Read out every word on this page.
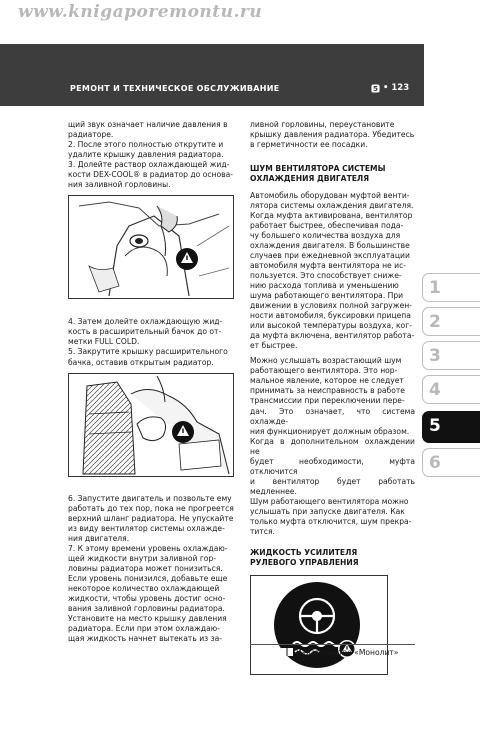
www.knigaporemontu.ru
РЕМОНТ И ТЕХНИЧЕСКОЕ ОБСЛУЖИВАНИЕ	5 • 123

щий звук означает наличие давления в

радиаторе.

2. После этого полностью открутите и

удалите крышку давления радиатора.

3. Долейте раствор охлаждающей жид-

кости DEX-COOL® в радиатор до основа-

ния заливной горловины.

4. Затем долейте охлаждающую жид-

кость в расширительный бачок до от-

метки FULL COLD.

5. Закрутите крышку расширительного

бачка, оставив открытым радиатор.

6. Запустите двигатель и позвольте ему

работать до тех пор, пока не прогреется

верхний шланг радиатора. Не упускайте

из виду вентилятор системы охлажде-

ния двигателя.

7. К этому времени уровень охлаждаю-

щей жидкости внутри заливной гор-

ловины радиатора может понизиться.

Если уровень понизился, добавьте еще

некоторое количество охлаждающей

жидкости, чтобы уровень достиг осно-

вания заливной горловины радиатора.

Установите на место крышку давления

радиатора. Если при этом охлаждаю-

щая жидкость начнет вытекать из за-

ливной горловины, переустановите

крышку давления радиатора. Убедитесь

в герметичности ее посадки.

ШУМ ВЕНТИЛЯТОРА СИСТЕМЫ

ОХЛАЖДЕНИЯ ДВИГАТЕЛЯ

Автомобиль оборудован муфтой венти-

лятора системы охлаждения двигателя.

Когда муфта активирована, вентилятор

работает быстрее, обеспечивая пода-

чу большего количества воздуха для

охлаждения двигателя. В большинстве

случаев при ежедневной эксплуатации

автомобиля муфта вентилятора не ис-

пользуется. Это способствует сниже-

нию расхода топлива и уменьшению

шума работающего вентилятора. При

движении в условиях полной загружен-

ности автомобиля, буксировки прицепа

или высокой температуры воздуха, ког-

да муфта включена, вентилятор работа-

ет быстрее.

Можно услышать возрастающий шум

работающего вентилятора. Это нор-

мальное явление, которое не следует

принимать за неисправность в работе

трансмиссии при переключении пере-

дач. Это означает, что система охлажде-

ния функционирует должным образом.

Когда в дополнительном охлаждении не

будет необходимости, муфта отключится

и вентилятор будет работать медленнее.

Шум работающего вентилятора можно

услышать при запуске двигателя. Как

только муфта отключится, шум прекра-

тится.

ЖИДКОСТЬ УСИЛИТЕЛЯ

РУЛЕВОГО УПРАВЛЕНИЯ

1
2
3
4
5
6
Издательство «Монолит»
